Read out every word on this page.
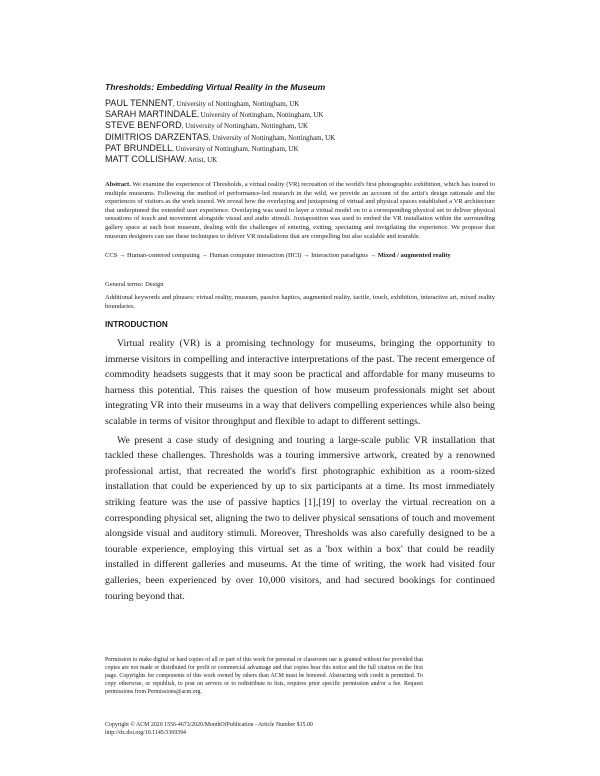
Thresholds: Embedding Virtual Reality in the Museum
PAUL TENNENT, University of Nottingham, Nottingham, UK
SARAH MARTINDALE, University of Nottingham, Nottingham, UK
STEVE BENFORD, University of Nottingham, Nottingham, UK
DIMITRIOS DARZENTAS, University of Nottingham, Nottingham, UK
PAT BRUNDELL, University of Nottingham, Nottingham, UK
MATT COLLISHAW, Artist, UK
Abstract. We examine the experience of Thresholds, a virtual reality (VR) recreation of the world's first photographic exhibition, which has toured to multiple museums. Following the method of performance-led research in the wild, we provide an account of the artist's design rationale and the experiences of visitors as the work toured. We reveal how the overlaying and juxtaposing of virtual and physical spaces established a VR architecture that underpinned the extended user experience. Overlaying was used to layer a virtual model on to a corresponding physical set to deliver physical sensations of touch and movement alongside visual and audio stimuli. Juxtaposition was used to embed the VR installation within the surrounding gallery space at each host museum, dealing with the challenges of entering, exiting, spectating and invigilating the experience. We propose that museum designers can use these techniques to deliver VR installations that are compelling but also scalable and tourable.
CCS → Human-centered computing → Human computer interaction (HCI) → Interaction paradigms → Mixed / augmented reality
General terms: Design
Additional keywords and phrases: virtual reality, museum, passive haptics, augmented reality, tactile, touch, exhibition, interactive art, mixed reality boundaries.
INTRODUCTION

Virtual reality (VR) is a promising technology for museums, bringing the opportunity to immerse visitors in compelling and interactive interpretations of the past. The recent emergence of commodity headsets suggests that it may soon be practical and affordable for many museums to harness this potential. This raises the question of how museum professionals might set about integrating VR into their museums in a way that delivers compelling experiences while also being scalable in terms of visitor throughput and flexible to adapt to different settings.

We present a case study of designing and touring a large-scale public VR installation that tackled these challenges. Thresholds was a touring immersive artwork, created by a renowned professional artist, that recreated the world's first photographic exhibition as a room-sized installation that could be experienced by up to six participants at a time. Its most immediately striking feature was the use of passive haptics [1],[19] to overlay the virtual recreation on a corresponding physical set, aligning the two to deliver physical sensations of touch and movement alongside visual and auditory stimuli. Moreover, Thresholds was also carefully designed to be a tourable experience, employing this virtual set as a 'box within a box' that could be readily installed in different galleries and museums. At the time of writing, the work had visited four galleries, been experienced by over 10,000 visitors, and had secured bookings for continued touring beyond that.

Permission to make digital or hard copies of all or part of this work for personal or classroom use is granted without fee provided that copies are not made or distributed for profit or commercial advantage and that copies bear this notice and the full citation on the first page. Copyrights for components of this work owned by others than ACM must be honored. Abstracting with credit is permitted. To copy otherwise, or republish, to post on servers or to redistribute to lists, requires prior specific permission and/or a fee. Request permissions from Permissions@acm.org.
Copyright © ACM 2020 1556-4673/2020/MonthOfPublication - Article Number $15.00
http://dx.doi.org/10.1145/3369394
